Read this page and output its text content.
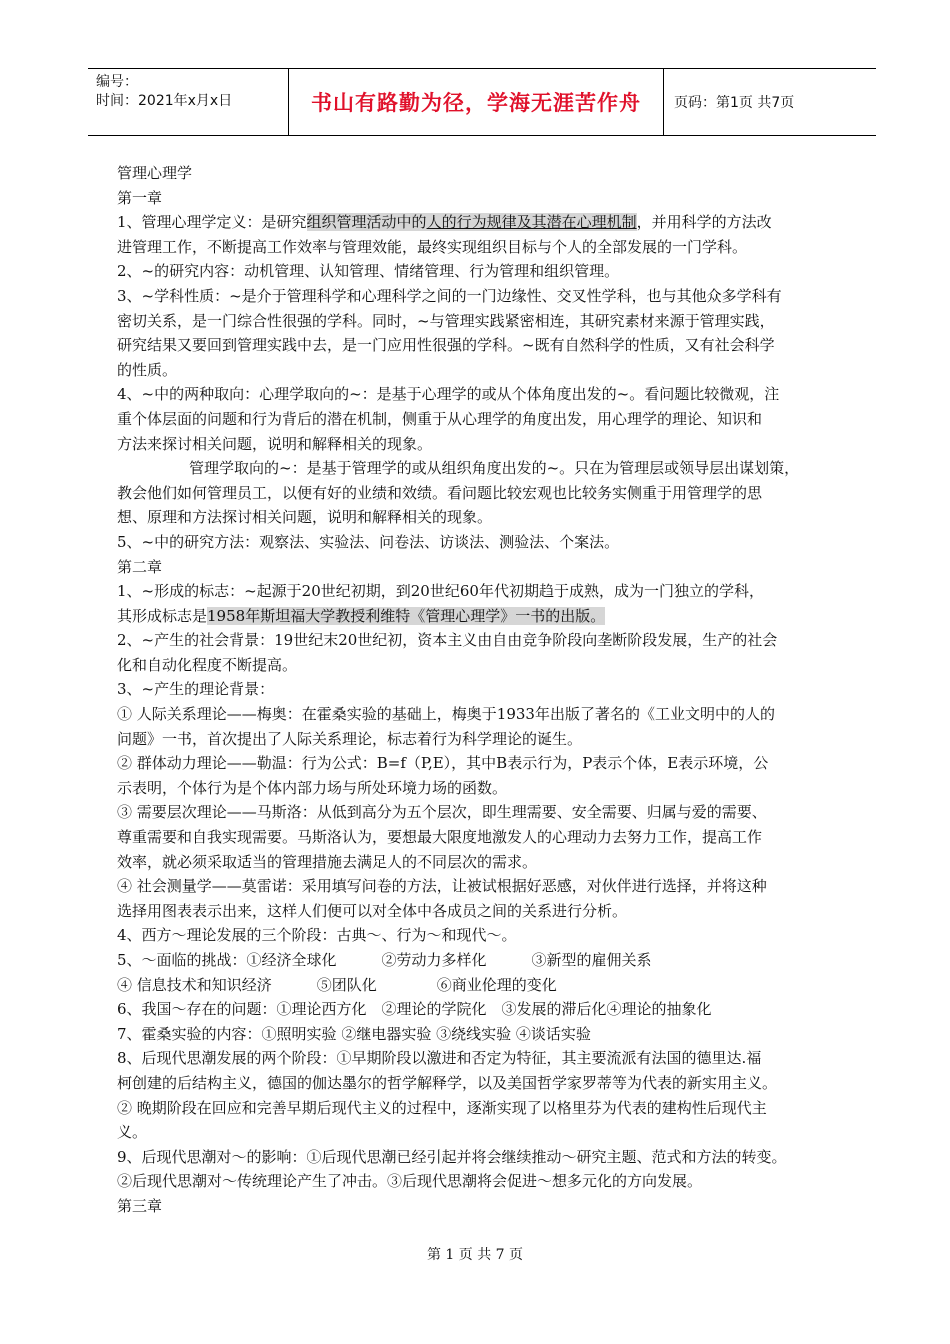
编号：
时间：2021年x月x日	书山有路勤为径，学海无涯苦作舟	页码：第1页 共7页

管理心理学

第一章

1、管理心理学定义：是研究组织管理活动中的人的行为规律及其潜在心理机制，并用科学的方法改

进管理工作，不断提高工作效率与管理效能，最终实现组织目标与个人的全部发展的一门学科。

2、~的研究内容：动机管理、认知管理、情绪管理、行为管理和组织管理。

3、~学科性质：~是介于管理科学和心理科学之间的一门边缘性、交叉性学科，也与其他众多学科有

密切关系，是一门综合性很强的学科。同时，~与管理实践紧密相连，其研究素材来源于管理实践，

研究结果又要回到管理实践中去，是一门应用性很强的学科。~既有自然科学的性质，又有社会科学

的性质。

4、~中的两种取向：心理学取向的~：是基于心理学的或从个体角度出发的~。看问题比较微观，注

重个体层面的问题和行为背后的潜在机制，侧重于从心理学的角度出发，用心理学的理论、知识和

方法来探讨相关问题，说明和解释相关的现象。

管理学取向的~：是基于管理学的或从组织角度出发的~。只在为管理层或领导层出谋划策，

教会他们如何管理员工，以便有好的业绩和效绩。看问题比较宏观也比较务实侧重于用管理学的思

想、原理和方法探讨相关问题，说明和解释相关的现象。

5、~中的研究方法：观察法、实验法、问卷法、访谈法、测验法、个案法。

第二章

1、~形成的标志：~起源于20世纪初期，到20世纪60年代初期趋于成熟，成为一门独立的学科，

其形成标志是1958年斯坦福大学教授利维特《管理心理学》一书的出版。

2、~产生的社会背景：19世纪末20世纪初，资本主义由自由竞争阶段向垄断阶段发展，生产的社会

化和自动化程度不断提高。

3、~产生的理论背景：

① 人际关系理论——梅奥：在霍桑实验的基础上，梅奥于1933年出版了著名的《工业文明中的人的

问题》一书，首次提出了人际关系理论，标志着行为科学理论的诞生。

② 群体动力理论——勒温：行为公式：B=f（P,E），其中B表示行为，P表示个体，E表示环境，公

示表明，个体行为是个体内部力场与所处环境力场的函数。

③ 需要层次理论——马斯洛：从低到高分为五个层次，即生理需要、安全需要、归属与爱的需要、

尊重需要和自我实现需要。马斯洛认为，要想最大限度地激发人的心理动力去努力工作，提高工作

效率，就必须采取适当的管理措施去满足人的不同层次的需求。

④ 社会测量学——莫雷诺：采用填写问卷的方法，让被试根据好恶感，对伙伴进行选择，并将这种

选择用图表表示出来，这样人们便可以对全体中各成员之间的关系进行分析。

4、西方～理论发展的三个阶段：古典～、行为～和现代～。

5、～面临的挑战：①经济全球化　　　②劳动力多样化　　　③新型的雇佣关系

④ 信息技术和知识经济　　　⑤团队化　　　　⑥商业伦理的变化

6、我国～存在的问题：①理论西方化　②理论的学院化　③发展的滞后化④理论的抽象化

7、霍桑实验的内容：①照明实验 ②继电器实验 ③绕线实验 ④谈话实验

8、后现代思潮发展的两个阶段：①早期阶段以激进和否定为特征，其主要流派有法国的德里达.福

柯创建的后结构主义，德国的伽达墨尔的哲学解释学，以及美国哲学家罗蒂等为代表的新实用主义。

② 晚期阶段在回应和完善早期后现代主义的过程中，逐渐实现了以格里芬为代表的建构性后现代主

义。

9、后现代思潮对～的影响：①后现代思潮已经引起并将会继续推动～研究主题、范式和方法的转变。

②后现代思潮对～传统理论产生了冲击。③后现代思潮将会促进～想多元化的方向发展。

第三章

第 1 页 共 7 页
